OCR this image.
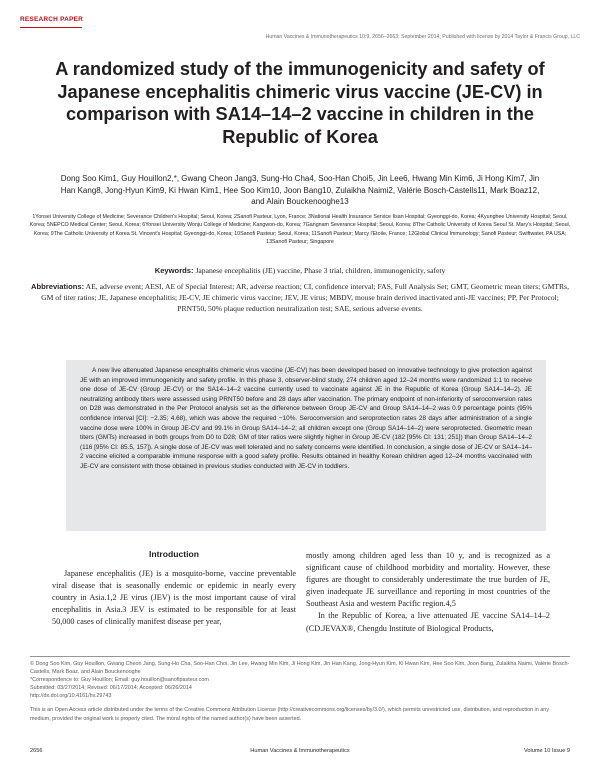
RESEARCH PAPER
Human Vaccines & Immunotherapeutics 10:9, 2656–2663; September 2014; Published with license by 2014 Taylor & Francis Group, LLC
A randomized study of the immunogenicity and safety of Japanese encephalitis chimeric virus vaccine (JE-CV) in comparison with SA14–14–2 vaccine in children in the Republic of Korea
Dong Soo Kim1, Guy Houillon2,*, Gwang Cheon Jang3, Sung-Ho Cha4, Soo-Han Choi5, Jin Lee6, Hwang Min Kim6, Ji Hong Kim7, Jin Han Kang8, Jong-Hyun Kim9, Ki Hwan Kim1, Hee Soo Kim10, Joon Bang10, Zulaikha Naimi2, Valérie Bosch-Castells11, Mark Boaz12, and Alain Bouckenooghe13
1Yonsei University College of Medicine; Severance Children's Hospital; Seoul, Korea; 2Sanofi Pasteur, Lyon, France; 3National Health Insurance Service Ilsan Hospital; Gyeonggi-do, Korea; 4Kyunghee University Hospital; Seoul, Korea; 5NEPCO Medical Center; Seoul, Korea; 6Yonsei University Wonju College of Medicine; Kangwon-do, Korea; 7Gangnam Severance Hospital; Seoul, Korea; 8The Catholic University of Korea Seoul St. Mary's Hospital; Seoul, Korea; 9The Catholic University of Korea St. Vincent's Hospital; Gyeonggi-do, Korea; 10Sanofi Pasteur; Seoul, Korea; 11Sanofi Pasteur; Marcy l'Etoile, France; 12Global Clinical Immunology; Sanofi Pasteur; Swiftwater, PA USA; 13Sanofi Pasteur; Singapore
Keywords: Japanese encephalitis (JE) vaccine, Phase 3 trial, children, immunogenicity, safety
Abbreviations: AE, adverse event; AESI, AE of Special Interest; AR, adverse reaction; CI, confidence interval; FAS, Full Analysis Set; GMT, Geometric mean titers; GMTRs, GM of titer ratios; JE, Japanese encephalitis; JE-CV, JE chimeric virus vaccine; JEV, JE virus; MBDV, mouse brain derived inactivated anti-JE vaccines; PP, Per Protocol; PRNT50, 50% plaque reduction neutralization test; SAE, serious adverse events.

A new live attenuated Japanese encephalitis chimeric virus vaccine (JE-CV) has been developed based on innovative technology to give protection against JE with an improved immunogenicity and safety profile. In this phase 3, observer-blind study, 274 children aged 12–24 months were randomized 1:1 to receive one dose of JE-CV (Group JE-CV) or the SA14–14–2 vaccine currently used to vaccinate against JE in the Republic of Korea (Group SA14–14–2). JE neutralizing antibody titers were assessed using PRNT50 before and 28 days after vaccination. The primary endpoint of non-inferiority of seroconversion rates on D28 was demonstrated in the Per Protocol analysis set as the difference between Group JE-CV and Group SA14–14–2 was 0.9 percentage points (95% confidence interval [CI]: −2.35; 4.68), which was above the required −10%. Seroconversion and seroprotection rates 28 days after administration of a single vaccine dose were 100% in Group JE-CV and 99.1% in Group SA14–14–2; all children except one (Group SA14–14–2) were seroprotected. Geometric mean titers (GMTs) increased in both groups from D0 to D28; GM of titer ratios were slightly higher in Group JE-CV (182 [95% CI: 131; 251]) than Group SA14–14–2 (116 [95% CI: 85.5, 157]). A single dose of JE-CV was well tolerated and no safety concerns were identified. In conclusion, a single dose of JE-CV or SA14–14–2 vaccine elicited a comparable immune response with a good safety profile. Results obtained in healthy Korean children aged 12–24 months vaccinated with JE-CV are consistent with those obtained in previous studies conducted with JE-CV in toddlers.

Introduction

Japanese encephalitis (JE) is a mosquito-borne, vaccine preventable viral disease that is seasonally endemic or epidemic in nearly every country in Asia.1,2 JE virus (JEV) is the most important cause of viral encephalitis in Asia.3 JEV is estimated to be responsible for at least 50,000 cases of clinically manifest disease per year,

mostly among children aged less than 10 y, and is recognized as a significant cause of childhood morbidity and mortality. However, these figures are thought to considerably underestimate the true burden of JE, given inadequate JE surveillance and reporting in most countries of the Southeast Asia and western Pacific region.4,5

In the Republic of Korea, a live attenuated JE vaccine SA14–14–2 (CD.JEVAX®, Chengdu Institute of Biological Products,

© Dong Soo Kim, Guy Houillon, Gwang Cheon Jang, Sung-Ho Cha, Soo-Han Choi, Jin Lee, Hwang Min Kim, Ji Hong Kim, Jin Han Kang, Jong-Hyun Kim, Ki Hwan Kim, Hee Soo Kim, Joon Bang, Zulaikha Naimi, Valérie Bosch-Castells, Mark Boaz, and Alain Bouckenooghe
*Correspondence to: Guy Houillon; Email: guy.houillon@sanofipasteur.com
Submitted: 03/27/2014; Revised: 06/17/2014; Accepted: 06/26/2014
http://dx.doi.org/10.4161/hv.29743
This is an Open Access article distributed under the terms of the Creative Commons Attribution License (http://creativecommons.org/licenses/by/3.0/), which permits unrestricted use, distribution, and reproduction in any medium, provided the original work is properly cited. The moral rights of the named author(s) have been asserted.
2656	Human Vaccines & Immunotherapeutics	Volume 10 Issue 9
